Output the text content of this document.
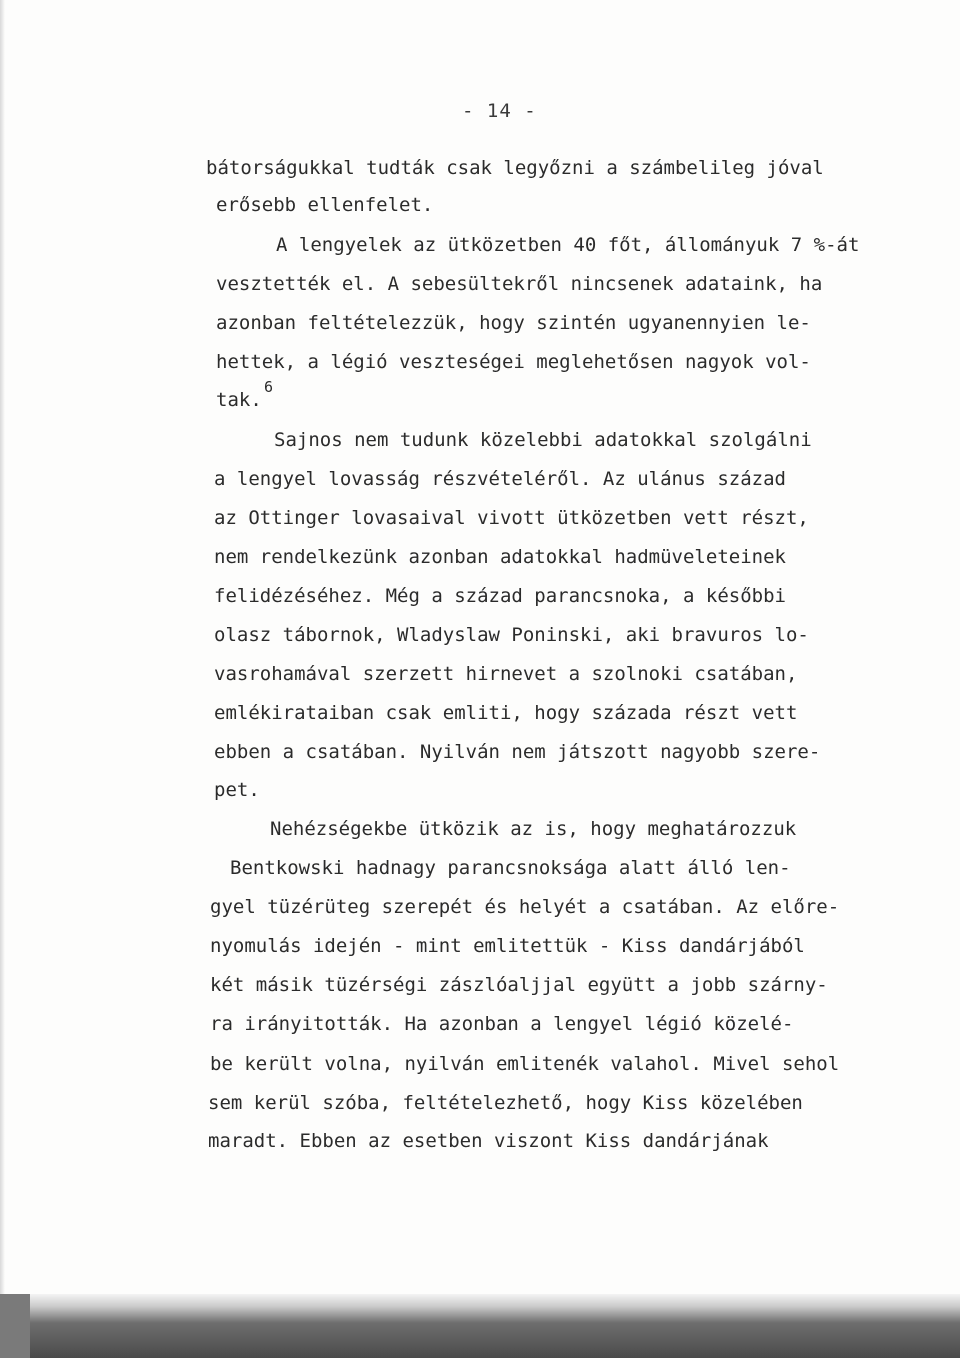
- 14 -
bátorságukkal tudták csak legyőzni a számbelileg jóval
erősebb ellenfelet.
A lengyelek az ütközetben 40 főt, állományuk 7 %-át
vesztették el. A sebesültekről nincsenek adataink, ha
azonban feltételezzük, hogy szintén ugyanennyien le-
hettek, a légió veszteségei meglehetősen nagyok vol-
tak.
6
Sajnos nem tudunk közelebbi adatokkal szolgálni
a lengyel lovasság részvételéről. Az ulánus század
az Ottinger lovasaival vivott ütközetben vett részt,
nem rendelkezünk azonban adatokkal hadmüveleteinek
felidézéséhez. Még a század parancsnoka, a későbbi
olasz tábornok, Wladyslaw Poninski, aki bravuros lo-
vasrohamával szerzett hirnevet a szolnoki csatában,
emlékirataiban csak emliti, hogy százada részt vett
ebben a csatában. Nyilván nem játszott nagyobb szere-
pet.
Nehézségekbe ütközik az is, hogy meghatározzuk
Bentkowski hadnagy parancsnoksága alatt álló len-
gyel tüzérüteg szerepét és helyét a csatában. Az előre-
nyomulás idején - mint emlitettük - Kiss dandárjából
két másik tüzérségi zászlóaljjal együtt a jobb szárny-
ra irányitották. Ha azonban a lengyel légió közelé-
be került volna, nyilván emlitenék valahol. Mivel sehol
sem kerül szóba, feltételezhető, hogy Kiss közelében
maradt. Ebben az esetben viszont Kiss dandárjának
